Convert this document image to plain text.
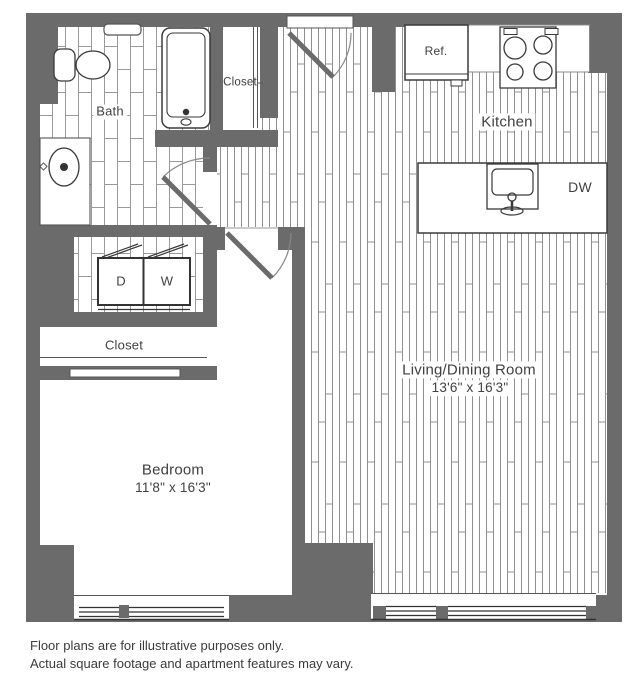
Bath
Closet
Kitchen
Ref.
DW
D	W
Closet
Bedroom
11'8" x 16'3"
Living/Dining Room
13'6" x 16'3"
Floor plans are for illustrative purposes only.
Actual square footage and apartment features may vary.
